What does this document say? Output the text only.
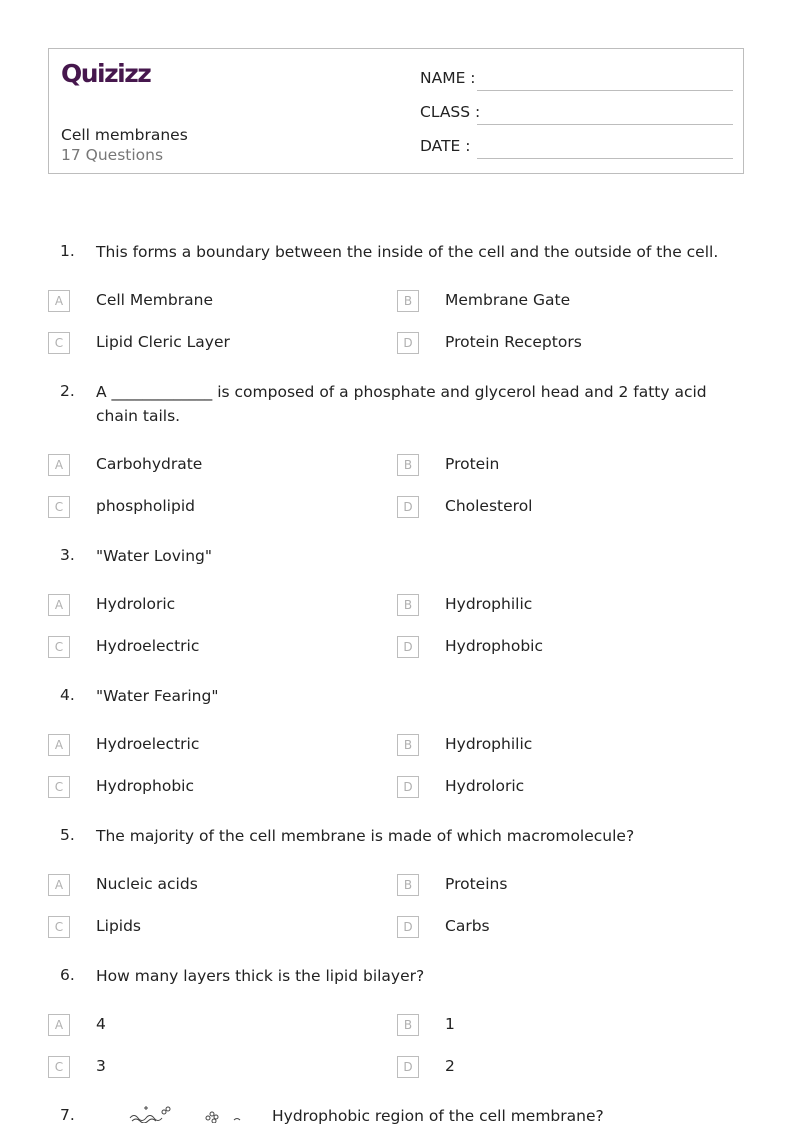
Quizizz
Cell membranes
17 Questions
NAME :
CLASS :
DATE :
1.	This forms a boundary between the inside of the cell and the outside of the cell.
A	Cell Membrane	B	Membrane Gate
C	Lipid Cleric Layer	D	Protein Receptors
2.	A _____________ is composed of a phosphate and glycerol head and 2 fatty acid chain tails.
A	Carbohydrate	B	Protein
C	phospholipid	D	Cholesterol
3.	"Water Loving"
A	Hydroloric	B	Hydrophilic
C	Hydroelectric	D	Hydrophobic
4.	"Water Fearing"
A	Hydroelectric	B	Hydrophilic
C	Hydrophobic	D	Hydroloric
5.	The majority of the cell membrane is made of which macromolecule?
A	Nucleic acids	B	Proteins
C	Lipids	D	Carbs
6.	How many layers thick is the lipid bilayer?
A	4	B	1
C	3	D	2
7.	Hydrophobic region of the cell membrane?
